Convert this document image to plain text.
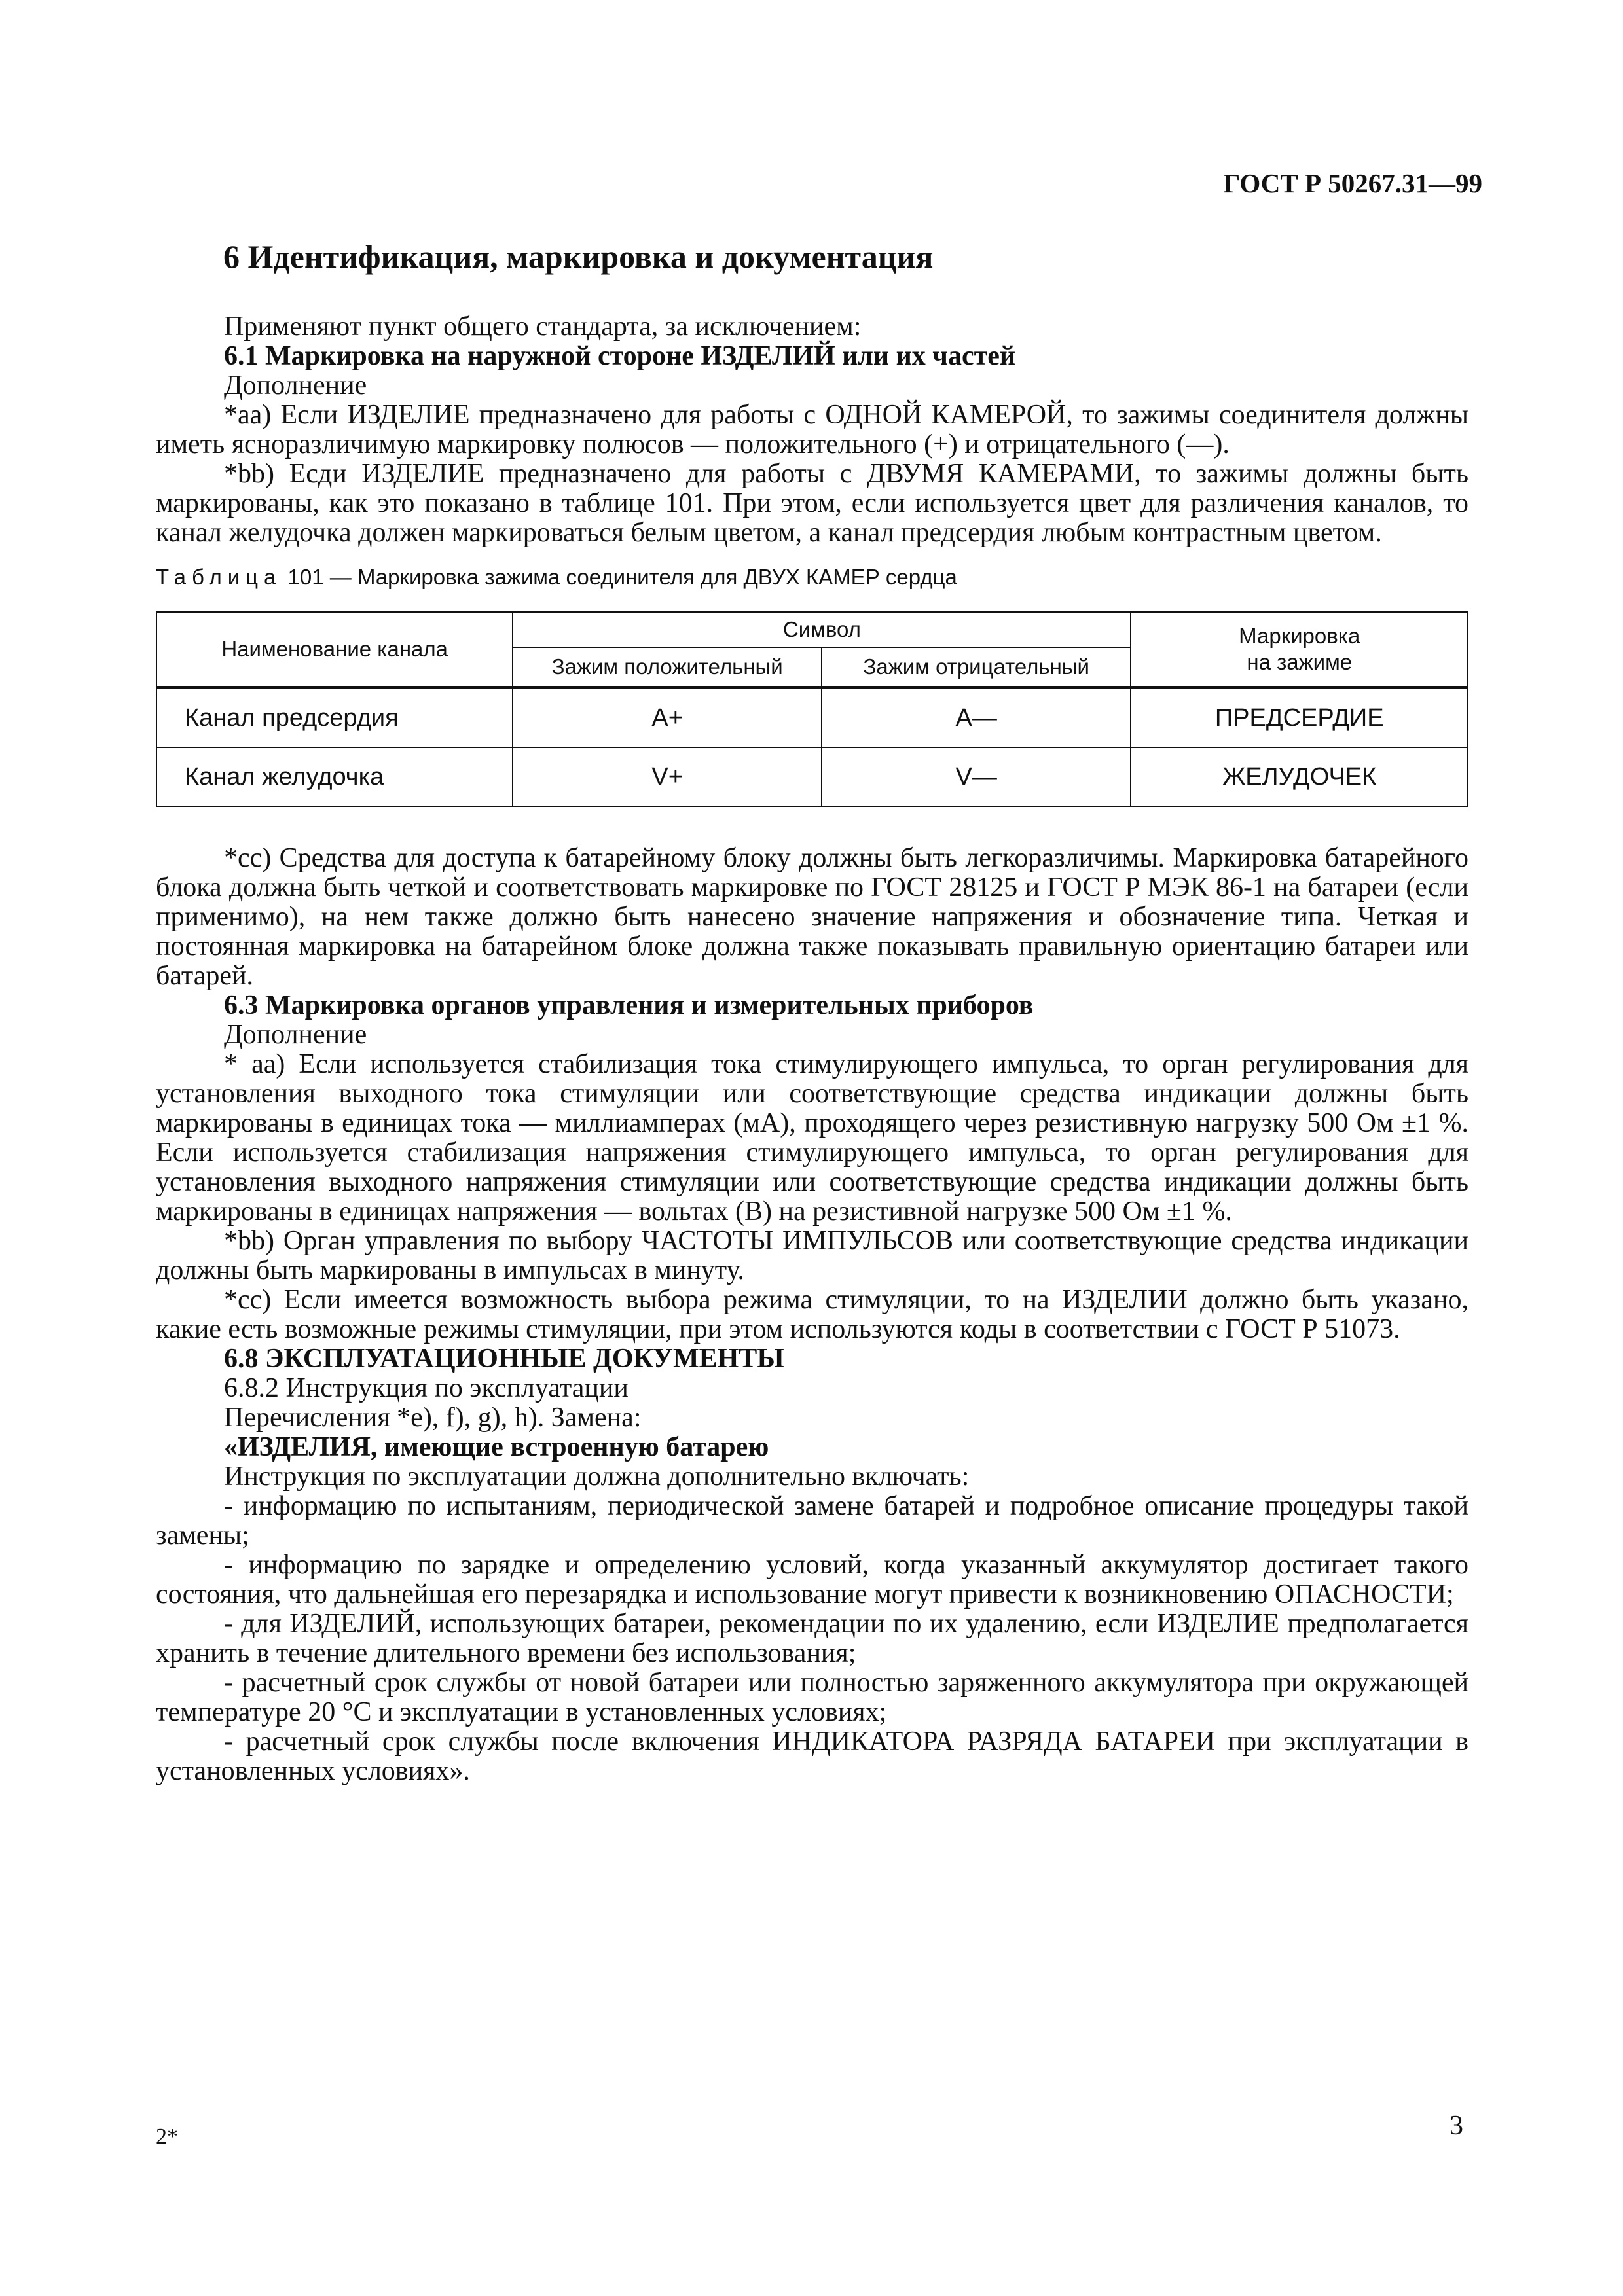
ГОСТ Р 50267.31—99
6 Идентификация, маркировка и документация

Применяют пункт общего стандарта, за исключением:

6.1 Маркировка на наружной стороне ИЗДЕЛИЙ или их частей

Дополнение

*aa) Если ИЗДЕЛИЕ предназначено для работы с ОДНОЙ КАМЕРОЙ, то зажимы соединителя должны иметь ясноразличимую маркировку полюсов — положительного (+) и отрицательного (—).

*bb) Есди ИЗДЕЛИЕ предназначено для работы с ДВУМЯ КАМЕРАМИ, то зажимы должны быть маркированы, как это показано в таблице 101. При этом, если используется цвет для различения каналов, то канал желудочка должен маркироваться белым цветом, а канал предсердия любым контрастным цветом.

Таблица 101 — Маркировка зажима соединителя для ДВУХ КАМЕР сердца
Наименование канала	Символ		Маркировка
на зажиме

	Зажим положительный	Зажим отрицательный	
Канал предсердия	А+	А—	ПРЕДСЕРДИЕ
Канал желудочка	V+	V—	ЖЕЛУДОЧЕК

*cc) Средства для доступа к батарейному блоку должны быть легкоразличимы. Маркировка батарейного блока должна быть четкой и соответствовать маркировке по ГОСТ 28125 и ГОСТ Р МЭК 86-1 на батареи (если применимо), на нем также должно быть нанесено значение напряжения и обозначение типа. Четкая и постоянная маркировка на батарейном блоке должна также показывать правильную ориентацию батареи или батарей.

6.3 Маркировка органов управления и измерительных приборов

Дополнение

* aa) Если используется стабилизация тока стимулирующего импульса, то орган регулирования для установления выходного тока стимуляции или соответствующие средства индикации должны быть маркированы в единицах тока — миллиамперах (мА), проходящего через резистивную нагрузку 500 Ом ±1 %. Если используется стабилизация напряжения стимулирующего импульса, то орган регулирования для установления выходного напряжения стимуляции или соответствующие средства индикации должны быть маркированы в единицах напряжения — вольтах (В) на резистивной нагрузке 500 Ом ±1 %.

*bb) Орган управления по выбору ЧАСТОТЫ ИМПУЛЬСОВ или соответствующие средства индикации должны быть маркированы в импульсах в минуту.

*cc) Если имеется возможность выбора режима стимуляции, то на ИЗДЕЛИИ должно быть указано, какие есть возможные режимы стимуляции, при этом используются коды в соответствии с ГОСТ Р 51073.

6.8 ЭКСПЛУАТАЦИОННЫЕ ДОКУМЕНТЫ

6.8.2 Инструкция по эксплуатации

Перечисления *е), f), g), h). Замена:

«ИЗДЕЛИЯ, имеющие встроенную батарею

Инструкция по эксплуатации должна дополнительно включать:

- информацию по испытаниям, периодической замене батарей и подробное описание процедуры такой замены;

- информацию по зарядке и определению условий, когда указанный аккумулятор достигает такого состояния, что дальнейшая его перезарядка и использование могут привести к возникновению ОПАСНОСТИ;

- для ИЗДЕЛИЙ, использующих батареи, рекомендации по их удалению, если ИЗДЕЛИЕ предполагается хранить в течение длительного времени без использования;

- расчетный срок службы от новой батареи или полностью заряженного аккумулятора при окружающей температуре 20 °С и эксплуатации в установленных условиях;

- расчетный срок службы после включения ИНДИКАТОРА РАЗРЯДА БАТАРЕИ при эксплуатации в установленных условиях».

2*	3
